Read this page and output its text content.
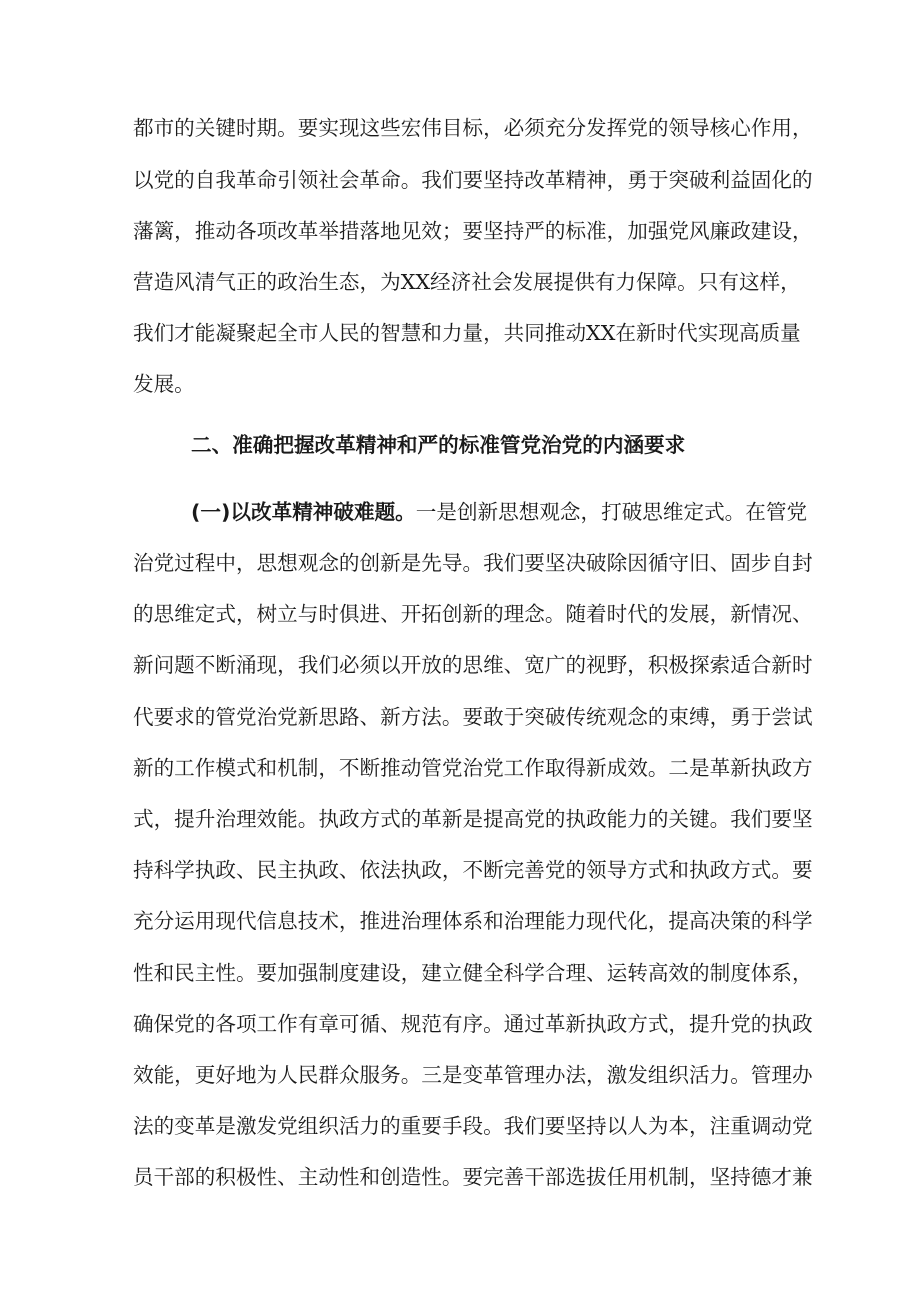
都市的关键时期。要实现这些宏伟目标，必须充分发挥党的领导核心作用，
以党的自我革命引领社会革命。我们要坚持改革精神，勇于突破利益固化的
藩篱，推动各项改革举措落地见效；要坚持严的标准，加强党风廉政建设，
营造风清气正的政治生态，为XX经济社会发展提供有力保障。只有这样，
我们才能凝聚起全市人民的智慧和力量，共同推动XX在新时代实现高质量
发展。
二、准确把握改革精神和严的标准管党治党的内涵要求
(一)以改革精神破难题。一是创新思想观念，打破思维定式。在管党
治党过程中，思想观念的创新是先导。我们要坚决破除因循守旧、固步自封
的思维定式，树立与时俱进、开拓创新的理念。随着时代的发展，新情况、
新问题不断涌现，我们必须以开放的思维、宽广的视野，积极探索适合新时
代要求的管党治党新思路、新方法。要敢于突破传统观念的束缚，勇于尝试
新的工作模式和机制，不断推动管党治党工作取得新成效。二是革新执政方
式，提升治理效能。执政方式的革新是提高党的执政能力的关键。我们要坚
持科学执政、民主执政、依法执政，不断完善党的领导方式和执政方式。要
充分运用现代信息技术，推进治理体系和治理能力现代化，提高决策的科学
性和民主性。要加强制度建设，建立健全科学合理、运转高效的制度体系，
确保党的各项工作有章可循、规范有序。通过革新执政方式，提升党的执政
效能，更好地为人民群众服务。三是变革管理办法，激发组织活力。管理办
法的变革是激发党组织活力的重要手段。我们要坚持以人为本，注重调动党
员干部的积极性、主动性和创造性。要完善干部选拔任用机制，坚持德才兼
